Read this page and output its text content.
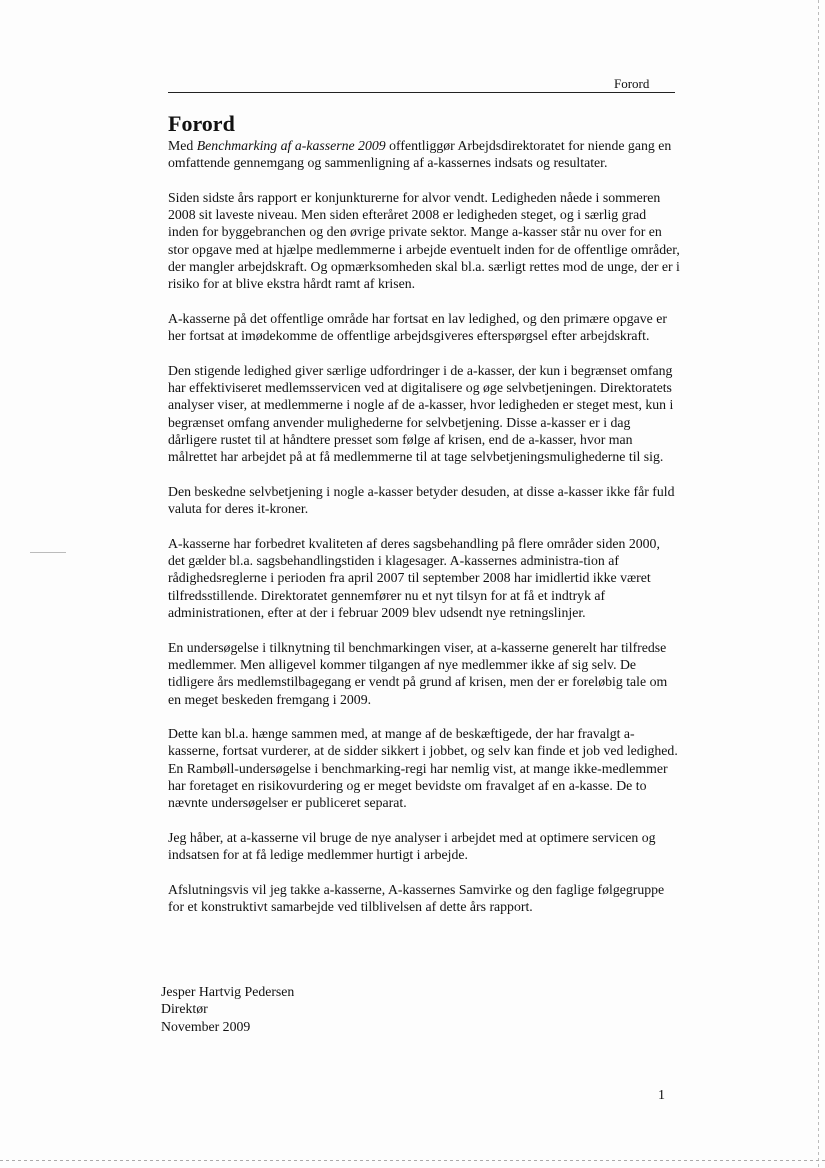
Forord
Forord

Med Benchmarking af a-kasserne 2009 offentliggør Arbejdsdirektoratet for niende gang en omfattende gennemgang og sammenligning af a-kassernes indsats og resultater.

Siden sidste års rapport er konjunkturerne for alvor vendt. Ledigheden nåede i sommeren 2008 sit laveste niveau. Men siden efteråret 2008 er ledigheden steget, og i særlig grad inden for byggebranchen og den øvrige private sektor. Mange a-kasser står nu over for en stor opgave med at hjælpe medlemmerne i arbejde eventuelt inden for de offentlige områder, der mangler arbejdskraft. Og opmærksomheden skal bl.a. særligt rettes mod de unge, der er i risiko for at blive ekstra hårdt ramt af krisen.

A-kasserne på det offentlige område har fortsat en lav ledighed, og den primære opgave er her fortsat at imødekomme de offentlige arbejdsgiveres efterspørgsel efter arbejdskraft.

Den stigende ledighed giver særlige udfordringer i de a-kasser, der kun i begrænset omfang har effektiviseret medlemsservicen ved at digitalisere og øge selvbetjeningen. Direktoratets analyser viser, at medlemmerne i nogle af de a-kasser, hvor ledigheden er steget mest, kun i begrænset omfang anvender mulighederne for selvbetjening. Disse a-kasser er i dag dårligere rustet til at håndtere presset som følge af krisen, end de a-kasser, hvor man målrettet har arbejdet på at få medlemmerne til at tage selvbetjeningsmulighederne til sig.

Den beskedne selvbetjening i nogle a-kasser betyder desuden, at disse a-kasser ikke får fuld valuta for deres it-kroner.

A-kasserne har forbedret kvaliteten af deres sagsbehandling på flere områder siden 2000, det gælder bl.a. sagsbehandlingstiden i klagesager. A-kassernes administra-tion af rådighedsreglerne i perioden fra april 2007 til september 2008 har imidlertid ikke været tilfredsstillende. Direktoratet gennemfører nu et nyt tilsyn for at få et indtryk af administrationen, efter at der i februar 2009 blev udsendt nye retningslinjer.

En undersøgelse i tilknytning til benchmarkingen viser, at a-kasserne generelt har tilfredse medlemmer. Men alligevel kommer tilgangen af nye medlemmer ikke af sig selv. De tidligere års medlemstilbagegang er vendt på grund af krisen, men der er foreløbig tale om en meget beskeden fremgang i 2009.

Dette kan bl.a. hænge sammen med, at mange af de beskæftigede, der har fravalgt a-kasserne, fortsat vurderer, at de sidder sikkert i jobbet, og selv kan finde et job ved ledighed. En Rambøll-undersøgelse i benchmarking-regi har nemlig vist, at mange ikke-medlemmer har foretaget en risikovurdering og er meget bevidste om fravalget af en a-kasse. De to nævnte undersøgelser er publiceret separat.

Jeg håber, at a-kasserne vil bruge de nye analyser i arbejdet med at optimere servicen og indsatsen for at få ledige medlemmer hurtigt i arbejde.

Afslutningsvis vil jeg takke a-kasserne, A-kassernes Samvirke og den faglige følgegruppe for et konstruktivt samarbejde ved tilblivelsen af dette års rapport.

Jesper Hartvig Pedersen
Direktør
November 2009
1
